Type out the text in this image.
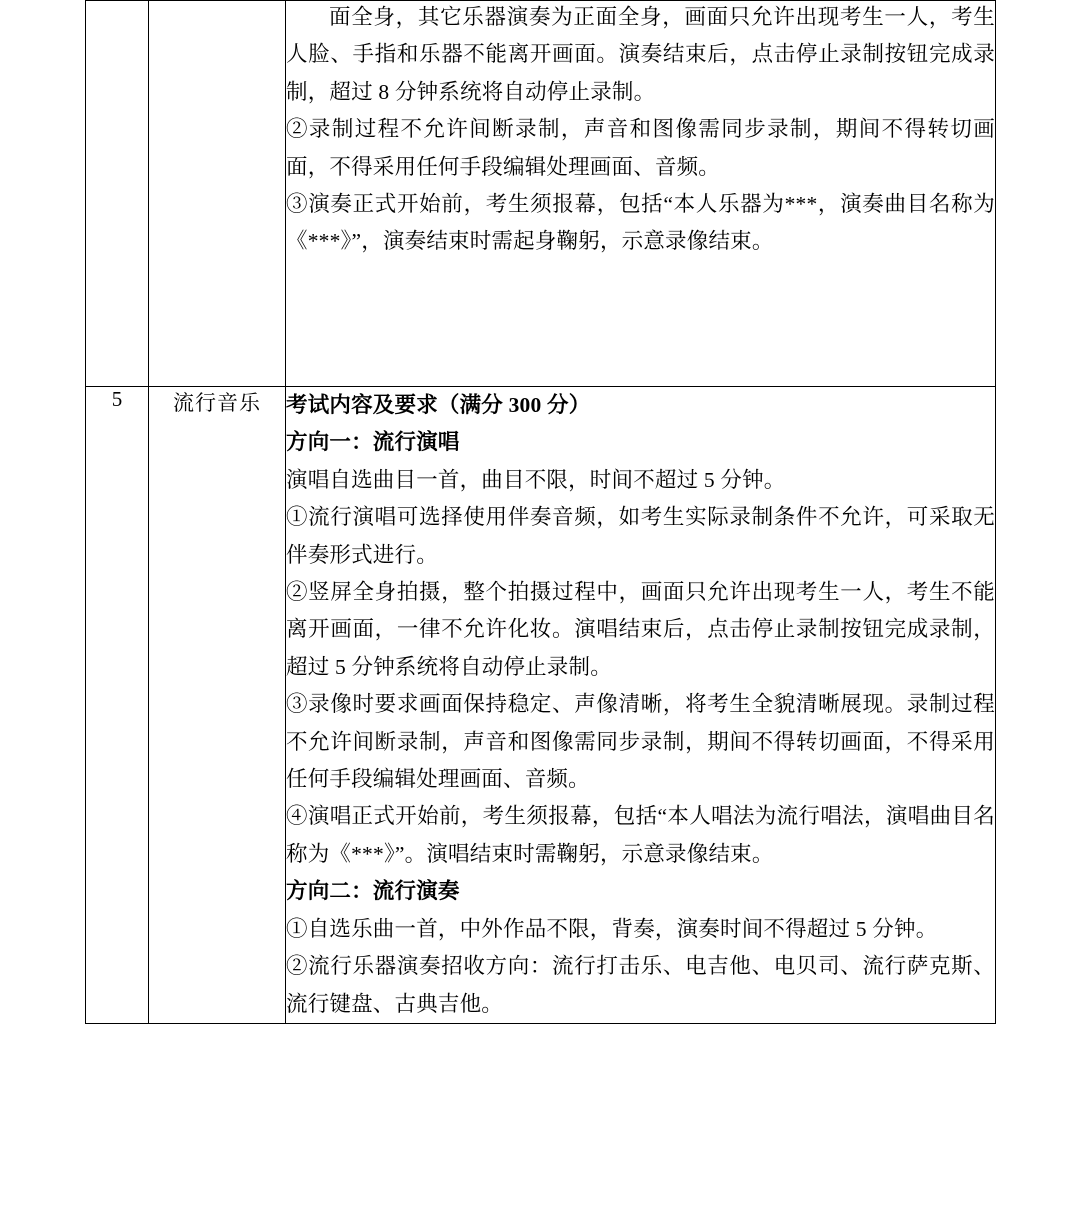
		面全身，其它乐器演奏为正面全身，画面只允许出现考生一人，考生人脸、手指和乐器不能离开画面。演奏结束后，点击停止录制按钮完成录制，超过 8 分钟系统将自动停止录制。

②录制过程不允许间断录制，声音和图像需同步录制，期间不得转切画面，不得采用任何手段编辑处理画面、音频。

③演奏正式开始前，考生须报幕，包括“本人乐器为***，演奏曲目名称为《***》”，演奏结束时需起身鞠躬，示意录像结束。

5	流行音乐	考试内容及要求（满分 300 分）

方向一：流行演唱

演唱自选曲目一首，曲目不限，时间不超过 5 分钟。

①流行演唱可选择使用伴奏音频，如考生实际录制条件不允许，可采取无伴奏形式进行。

②竖屏全身拍摄，整个拍摄过程中，画面只允许出现考生一人，考生不能离开画面，一律不允许化妆。演唱结束后，点击停止录制按钮完成录制，超过 5 分钟系统将自动停止录制。

③录像时要求画面保持稳定、声像清晰，将考生全貌清晰展现。录制过程不允许间断录制，声音和图像需同步录制，期间不得转切画面，不得采用任何手段编辑处理画面、音频。

④演唱正式开始前，考生须报幕，包括“本人唱法为流行唱法，演唱曲目名称为《***》”。演唱结束时需鞠躬，示意录像结束。

方向二：流行演奏

①自选乐曲一首，中外作品不限，背奏，演奏时间不得超过 5 分钟。

②流行乐器演奏招收方向：流行打击乐、电吉他、电贝司、流行萨克斯、流行键盘、古典吉他。
